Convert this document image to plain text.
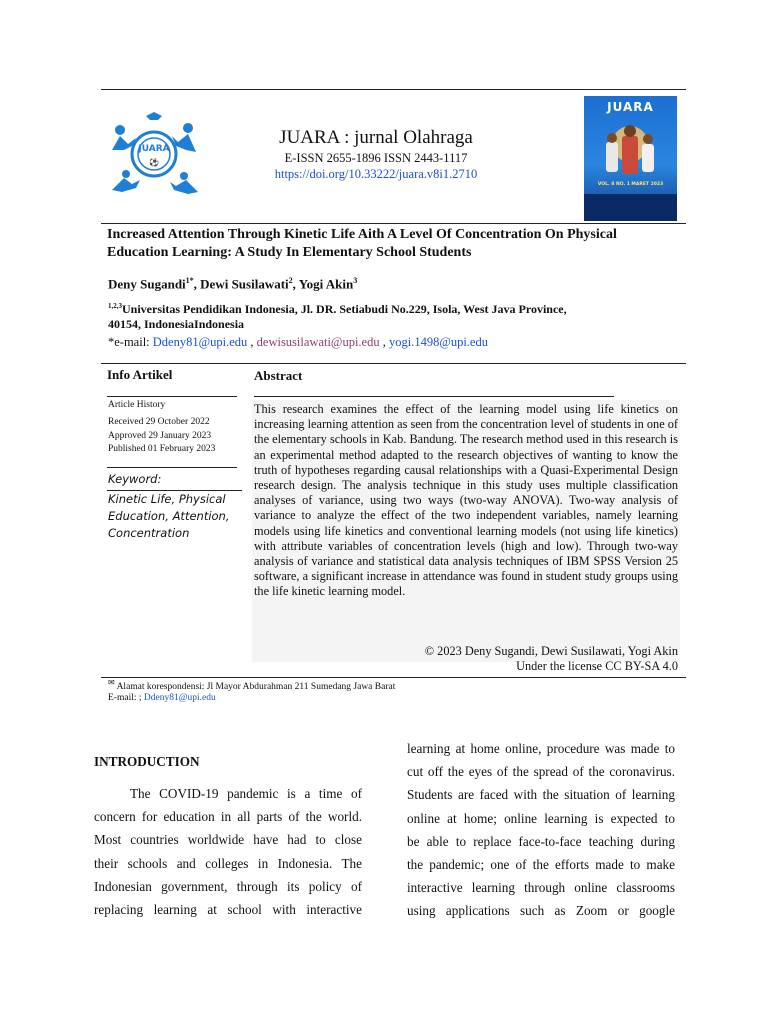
JUARA
⚽
JUARA : jurnal Olahraga
E-ISSN 2655-1896 ISSN 2443-1117
https://doi.org/10.33222/juara.v8i1.2710
JUARA
VOL. 8 NO. 1 MARET 2023
Increased Attention Through Kinetic Life Aith A Level Of Concentration On Physical Education Learning: A Study In Elementary School Students
Deny Sugandi$^{1*}$, Dewi Susilawati$^2$, Yogi Akin$^3$
$^{1,2,3}$Universitas Pendidikan Indonesia, Jl. DR. Setiabudi No.229, Isola, West Java Province,
40154, IndonesiaIndonesia
*e-mail: Ddeny81@upi.edu , dewisusilawati@upi.edu , yogi.1498@upi.edu
Info Artikel
Article History
Received 29 October 2022
Approved 29 January 2023
Published 01 February 2023
Keyword:
Kinetic Life, Physical Education, Attention, Concentration
Abstract
This research examines the effect of the learning model using life kinetics on increasing learning attention as seen from the concentration level of students in one of the elementary schools in Kab. Bandung. The research method used in this research is an experimental method adapted to the research objectives of wanting to know the truth of hypotheses regarding causal relationships with a Quasi-Experimental Design research design. The analysis technique in this study uses multiple classification analyses of variance, using two ways (two-way ANOVA). Two-way analysis of variance to analyze the effect of the two independent variables, namely learning models using life kinetics and conventional learning models (not using life kinetics) with attribute variables of concentration levels (high and low). Through two-way analysis of variance and statistical data analysis techniques of IBM SPSS Version 25 software, a significant increase in attendance was found in student study groups using the life kinetic learning model.
© 2023 Deny Sugandi, Dewi Susilawati, Yogi Akin
Under the license CC BY-SA 4.0
✉ Alamat korespondensi: Jl Mayor Abdurahman 211 Sumedang Jawa Barat
E-mail: ; Ddeny81@upi.edu
INTRODUCTION
The COVID-19 pandemic is a time of
concern for education in all parts of the world.
Most countries worldwide have had to close
their schools and colleges in Indonesia. The
Indonesian government, through its policy of
replacing learning at school with interactive
learning at home online, procedure was made to
cut off the eyes of the spread of the coronavirus.
Students are faced with the situation of learning
online at home; online learning is expected to
be able to replace face-to-face teaching during
the pandemic; one of the efforts made to make
interactive learning through online classrooms
using applications such as Zoom or google
